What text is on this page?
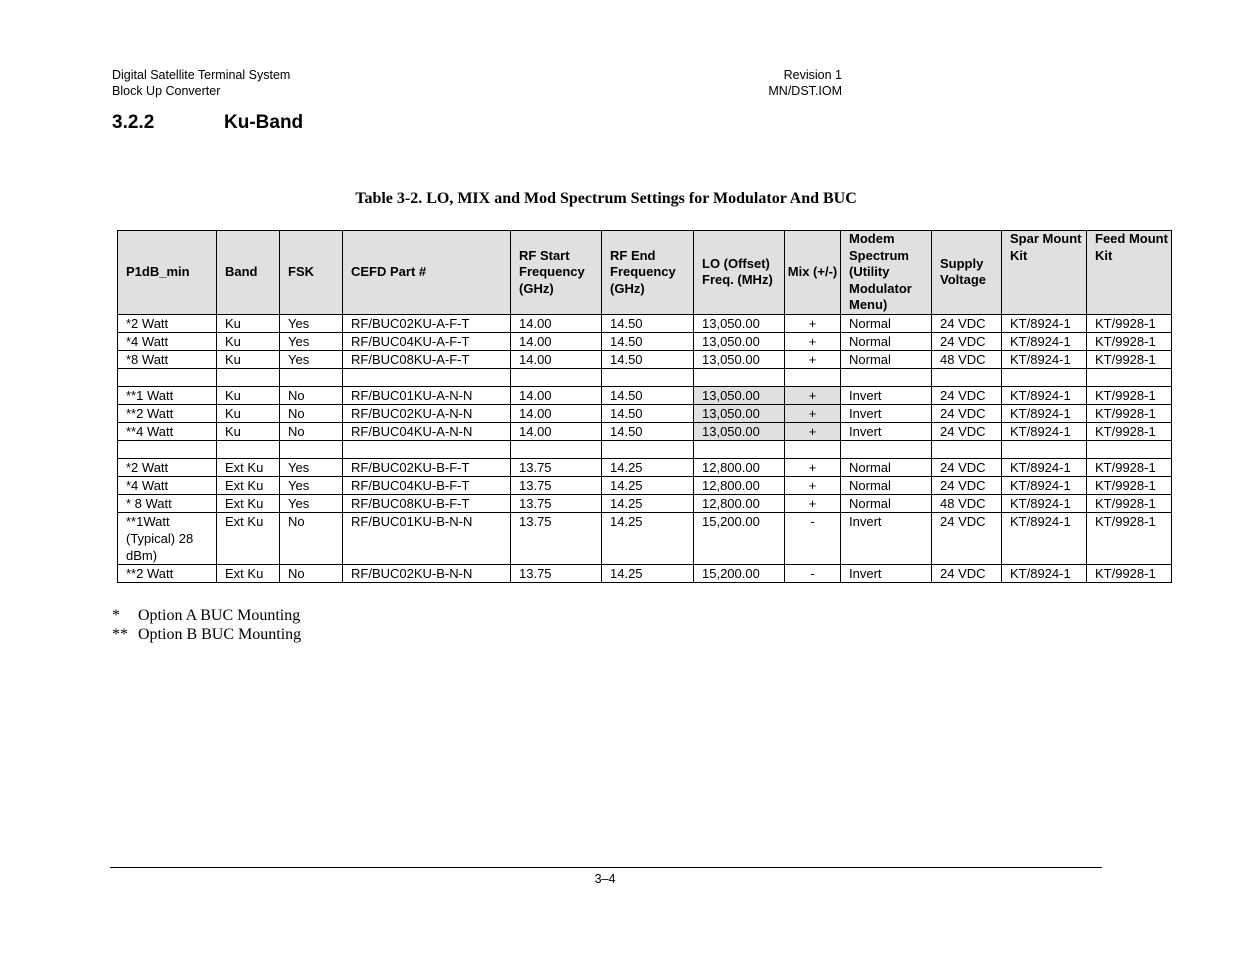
Digital Satellite Terminal System
Block Up Converter
Revision 1
MN/DST.IOM
3.2.2	Ku-Band
Table 3-2. LO, MIX and Mod Spectrum Settings for Modulator And BUC
P1dB_min	Band	FSK	CEFD Part #	RF Start Frequency (GHz)	RF End Frequency (GHz)	LO (Offset) Freq. (MHz)	Mix (+/-)	Modem Spectrum (Utility Modulator Menu)	Supply Voltage	Spar Mount Kit	Feed Mount Kit
*2 Watt	Ku	Yes	RF/BUC02KU-A-F-T	14.00	14.50	13,050.00	+	Normal	24 VDC	KT/8924-1	KT/9928-1
*4 Watt	Ku	Yes	RF/BUC04KU-A-F-T	14.00	14.50	13,050.00	+	Normal	24 VDC	KT/8924-1	KT/9928-1
*8 Watt	Ku	Yes	RF/BUC08KU-A-F-T	14.00	14.50	13,050.00	+	Normal	48 VDC	KT/8924-1	KT/9928-1

**1 Watt	Ku	No	RF/BUC01KU-A-N-N	14.00	14.50	13,050.00	+	Invert	24 VDC	KT/8924-1	KT/9928-1
**2 Watt	Ku	No	RF/BUC02KU-A-N-N	14.00	14.50	13,050.00	+	Invert	24 VDC	KT/8924-1	KT/9928-1
**4 Watt	Ku	No	RF/BUC04KU-A-N-N	14.00	14.50	13,050.00	+	Invert	24 VDC	KT/8924-1	KT/9928-1

*2 Watt	Ext Ku	Yes	RF/BUC02KU-B-F-T	13.75	14.25	12,800.00	+	Normal	24 VDC	KT/8924-1	KT/9928-1
*4 Watt	Ext Ku	Yes	RF/BUC04KU-B-F-T	13.75	14.25	12,800.00	+	Normal	24 VDC	KT/8924-1	KT/9928-1
* 8 Watt	Ext Ku	Yes	RF/BUC08KU-B-F-T	13.75	14.25	12,800.00	+	Normal	48 VDC	KT/8924-1	KT/9928-1
**1Watt (Typical) 28 dBm)	Ext Ku	No	RF/BUC01KU-B-N-N	13.75	14.25	15,200.00	-	Invert	24 VDC	KT/8924-1	KT/9928-1
**2 Watt	Ext Ku	No	RF/BUC02KU-B-N-N	13.75	14.25	15,200.00	-	Invert	24 VDC	KT/8924-1	KT/9928-1
* Option A BUC Mounting
** Option B BUC Mounting
3–4
